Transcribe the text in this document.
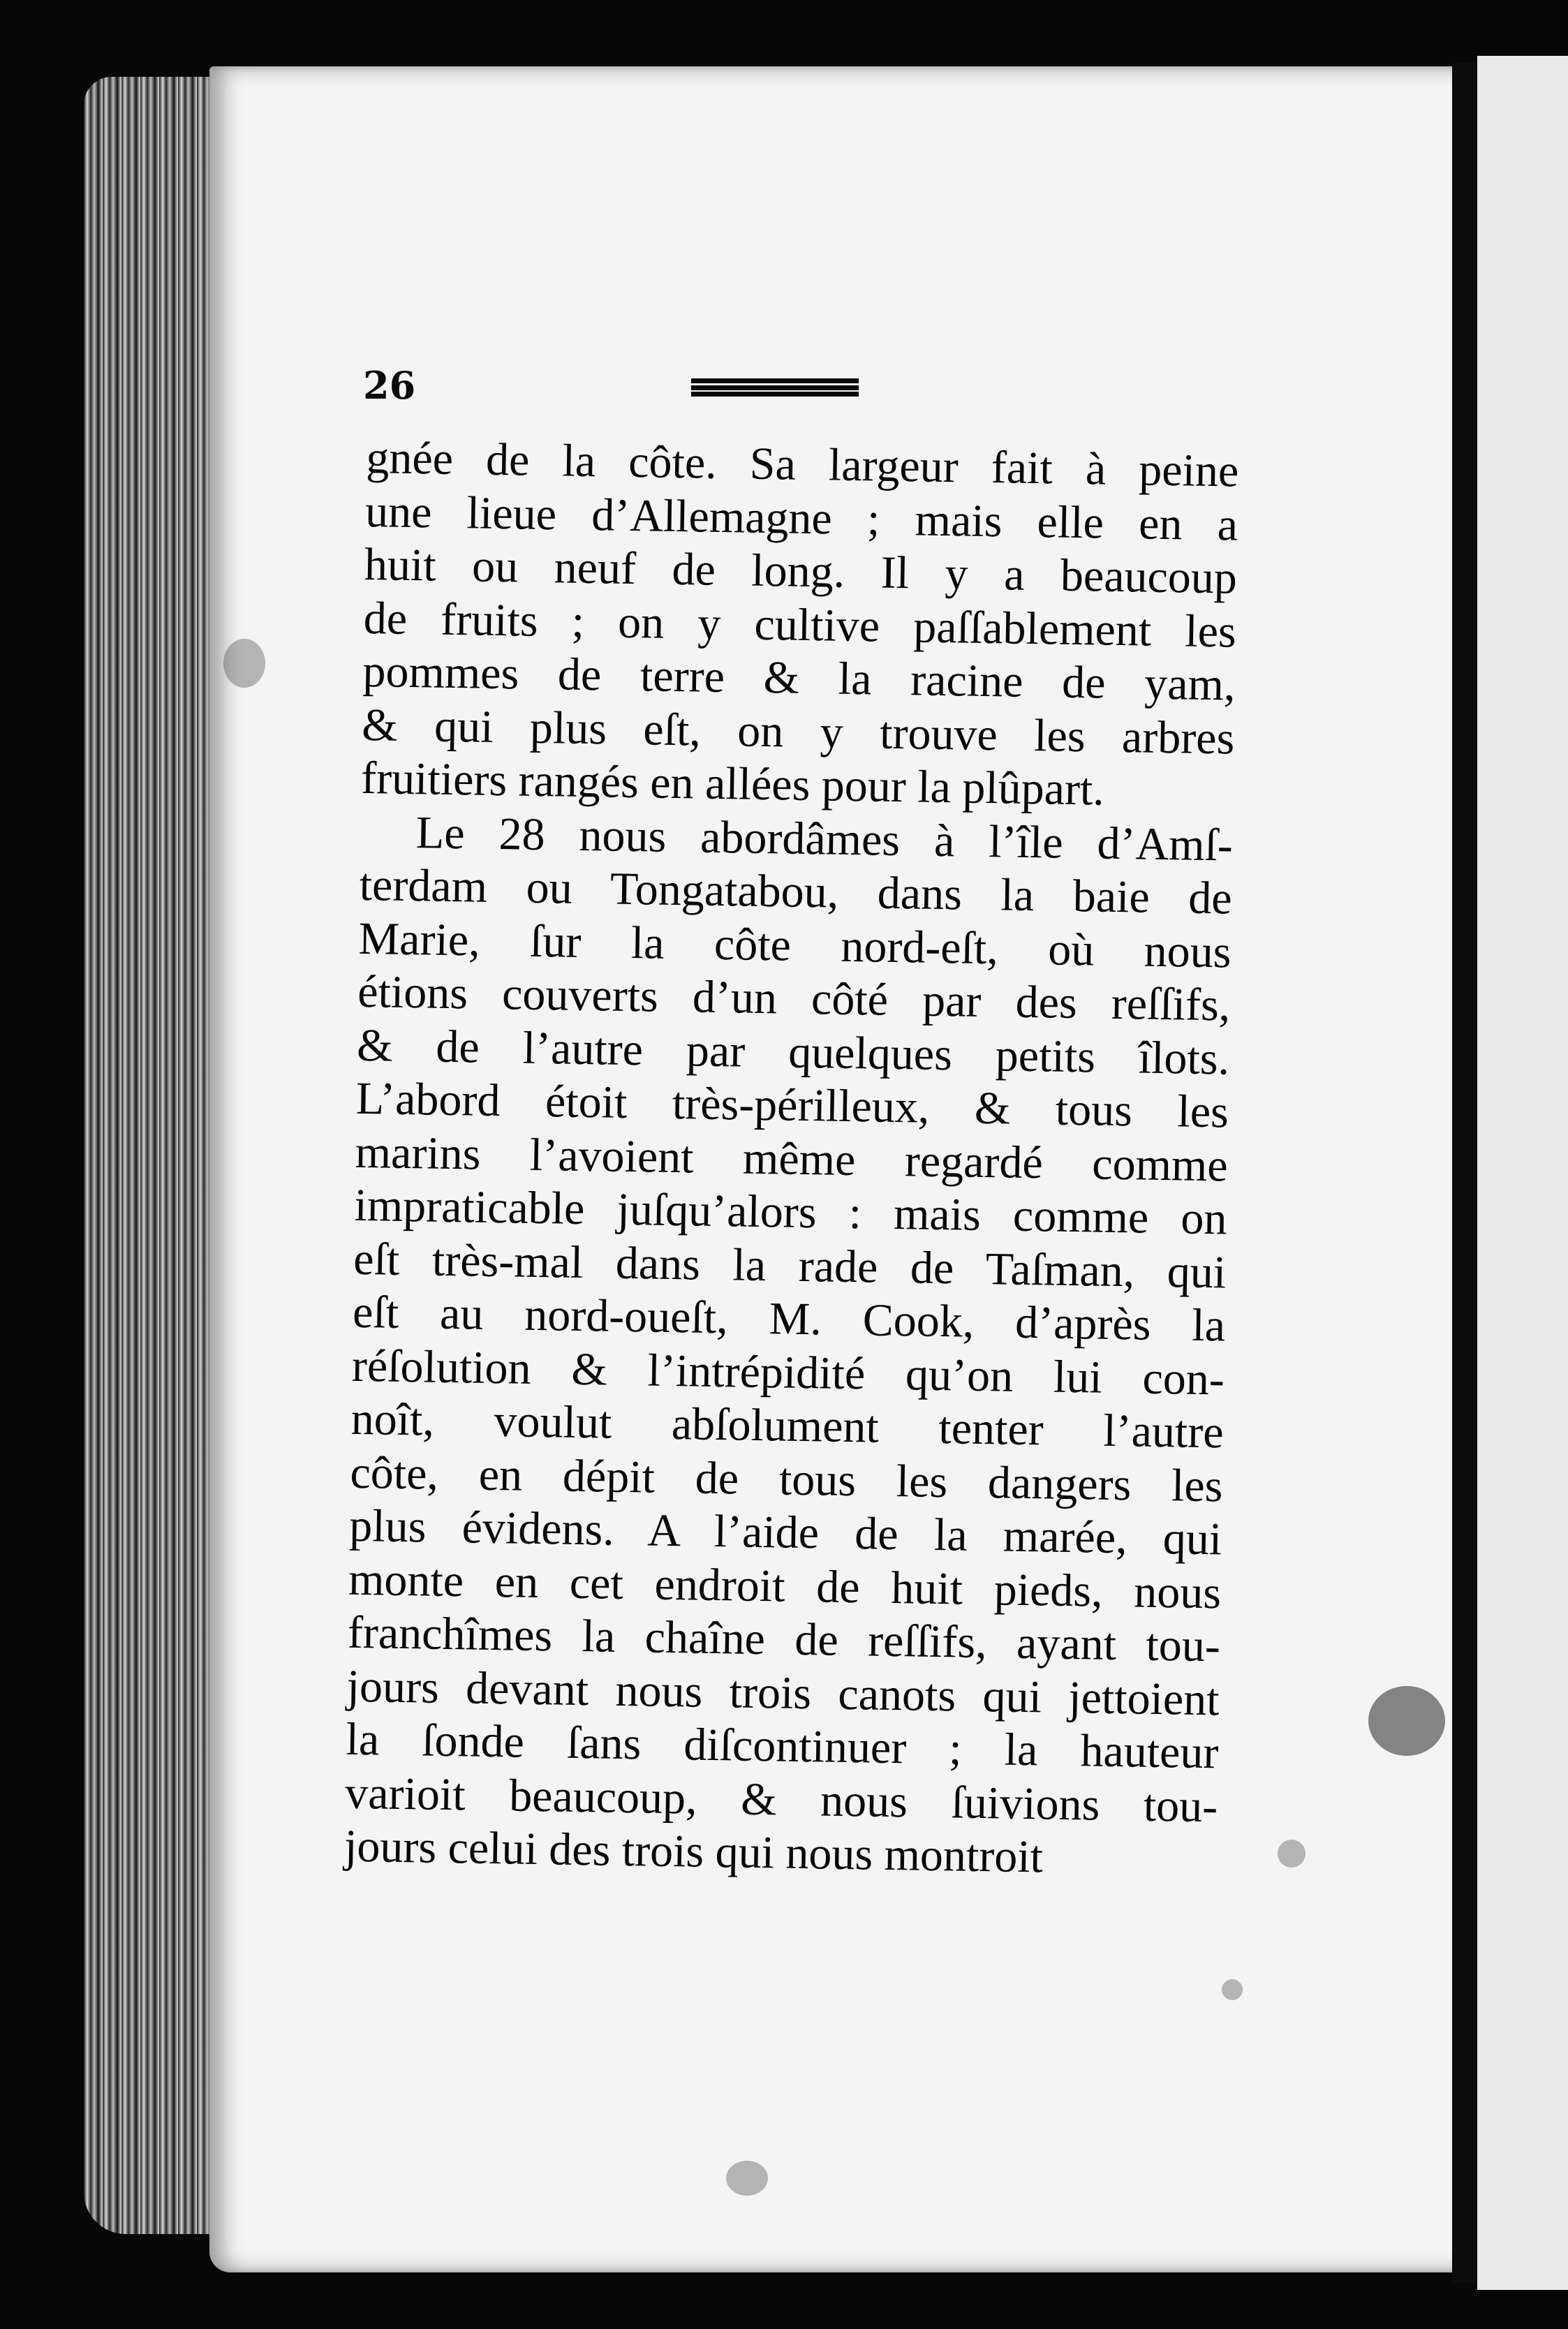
26
gnée de la côte. Sa largeur fait à peine
une lieue d’Allemagne ; mais elle en a
huit ou neuf de long. Il y a beaucoup
de fruits ; on y cultive paſſablement les
pommes de terre & la racine de yam,
& qui plus eſt, on y trouve les arbres
fruitiers rangés en allées pour la plûpart.
Le 28 nous abordâmes à l’île d’Amſ-
terdam ou Tongatabou, dans la baie de
Marie, ſur la côte nord-eſt, où nous
étions couverts d’un côté par des reſſifs,
& de l’autre par quelques petits îlots.
L’abord étoit très-périlleux, & tous les
marins l’avoient même regardé comme
impraticable juſqu’alors : mais comme on
eſt très-mal dans la rade de Taſman, qui
eſt au nord-oueſt, M. Cook, d’après la
réſolution & l’intrépidité qu’on lui con-
noît, voulut abſolument tenter l’autre
côte, en dépit de tous les dangers les
plus évidens. A l’aide de la marée, qui
monte en cet endroit de huit pieds, nous
franchîmes la chaîne de reſſifs, ayant tou-
jours devant nous trois canots qui jettoient
la ſonde ſans diſcontinuer ; la hauteur
varioit beaucoup, & nous ſuivions tou-
jours celui des trois qui nous montroit
